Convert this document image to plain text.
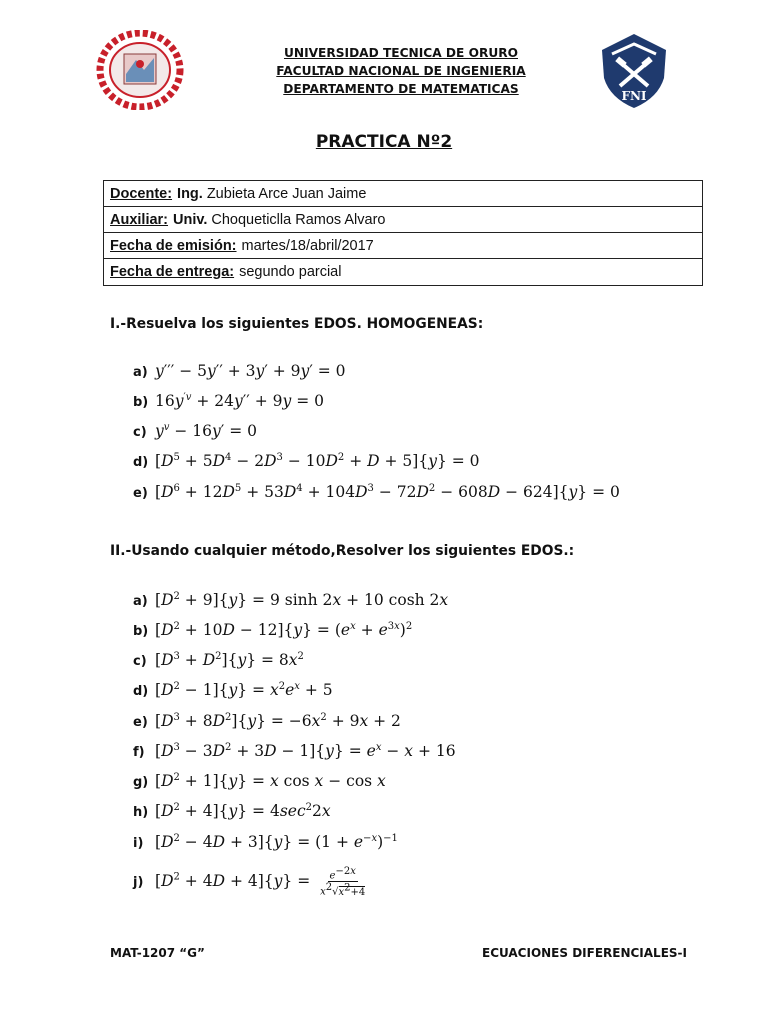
UNIVERSIDAD TECNICA DE ORURO
FACULTAD NACIONAL DE INGENIERIA
DEPARTAMENTO DE MATEMATICAS	FNI
PRACTICA Nº2
Docente: Ing. Zubieta Arce Juan Jaime
Auxiliar: Univ. Choqueticlla Ramos Alvaro
Fecha de emisión: martes/18/abril/2017
Fecha de entrega: segundo parcial
I.-Resuelva los siguientes EDOS. HOMOGENEAS:
a) y′′′ − 5y′′ + 3y′ + 9y′ = 0
b) $16y^{'v} + 24y'' + 9y = 0$
c) $y^v - 16y' = 0$
d) $[D^5 + 5D^4 - 2D^3 - 10D^2 + D + 5]\{y\} = 0$
e) $[D^6 + 12D^5 + 53D^4 + 104D^3 - 72D^2 - 608D - 624]\{y\} = 0$
II.-Usando cualquier método,Resolver los siguientes EDOS.:
a) $[D^2 + 9]\{y\} = 9$ sinh 2x + 10 cosh 2x
b) $[D^2 + 10D - 12]\{y\} = (e^x + e^{3x})^2$
c) $[D^3 + D^2]\{y\} = 8x^2$
d) $[D^2 - 1]\{y\} = x^2e^x + 5$
e) $[D^3 + 8D^2]\{y\} = -6x^2 + 9x + 2$
f) $[D^3 - 3D^2 + 3D - 1]\{y\} = e^x - x + 16$
g) $[D^2 + 1]\{y\} = x$ cos x − cos x
h) $[D^2 + 4]\{y\} = 4\sec^22x$
i) $[D^2 - 4D + 3]\{y\} = (1 + e^{-x})^{-1}$
j) $[D^2 + 4D + 4]\{y\} = \frac{e^{-2x}}{x^2√x^2+4}$
MAT-1207 “G”	ECUACIONES DIFERENCIALES-I
